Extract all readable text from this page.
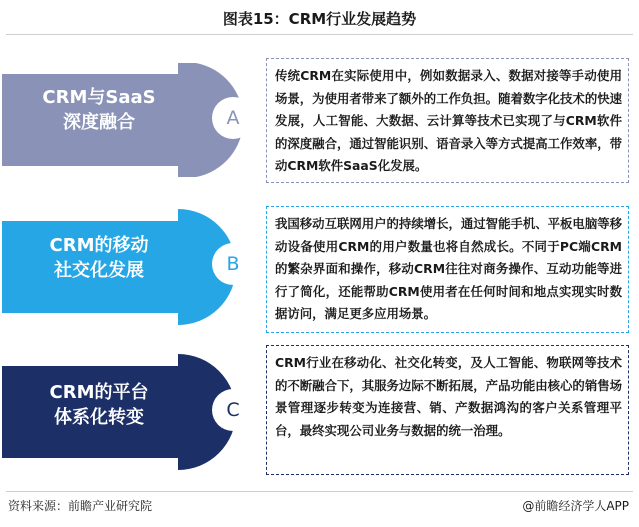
图表15：CRM行业发展趋势
CRM与SaaS
深度融合	A
传统CRM在实际使用中，例如数据录入、数据对接等手动使用场景，为使用者带来了额外的工作负担。随着数字化技术的快速发展，人工智能、大数据、云计算等技术已实现了与CRM软件的深度融合，通过智能识别、语音录入等方式提高工作效率，带动CRM软件SaaS化发展。
CRM的移动
社交化发展	B
我国移动互联网用户的持续增长，通过智能手机、平板电脑等移动设备使用CRM的用户数量也将自然成长。不同于PC端CRM的繁杂界面和操作，移动CRM往往对商务操作、互动功能等进行了简化，还能帮助CRM使用者在任何时间和地点实现实时数据访问，满足更多应用场景。
CRM的平台
体系化转变	C
CRM行业在移动化、社交化转变，及人工智能、物联网等技术的不断融合下，其服务边际不断拓展，产品功能由核心的销售场景管理逐步转变为连接营、销、产数据鸿沟的客户关系管理平台，最终实现公司业务与数据的统一治理。
资料来源：前瞻产业研究院	@前瞻经济学人APP
